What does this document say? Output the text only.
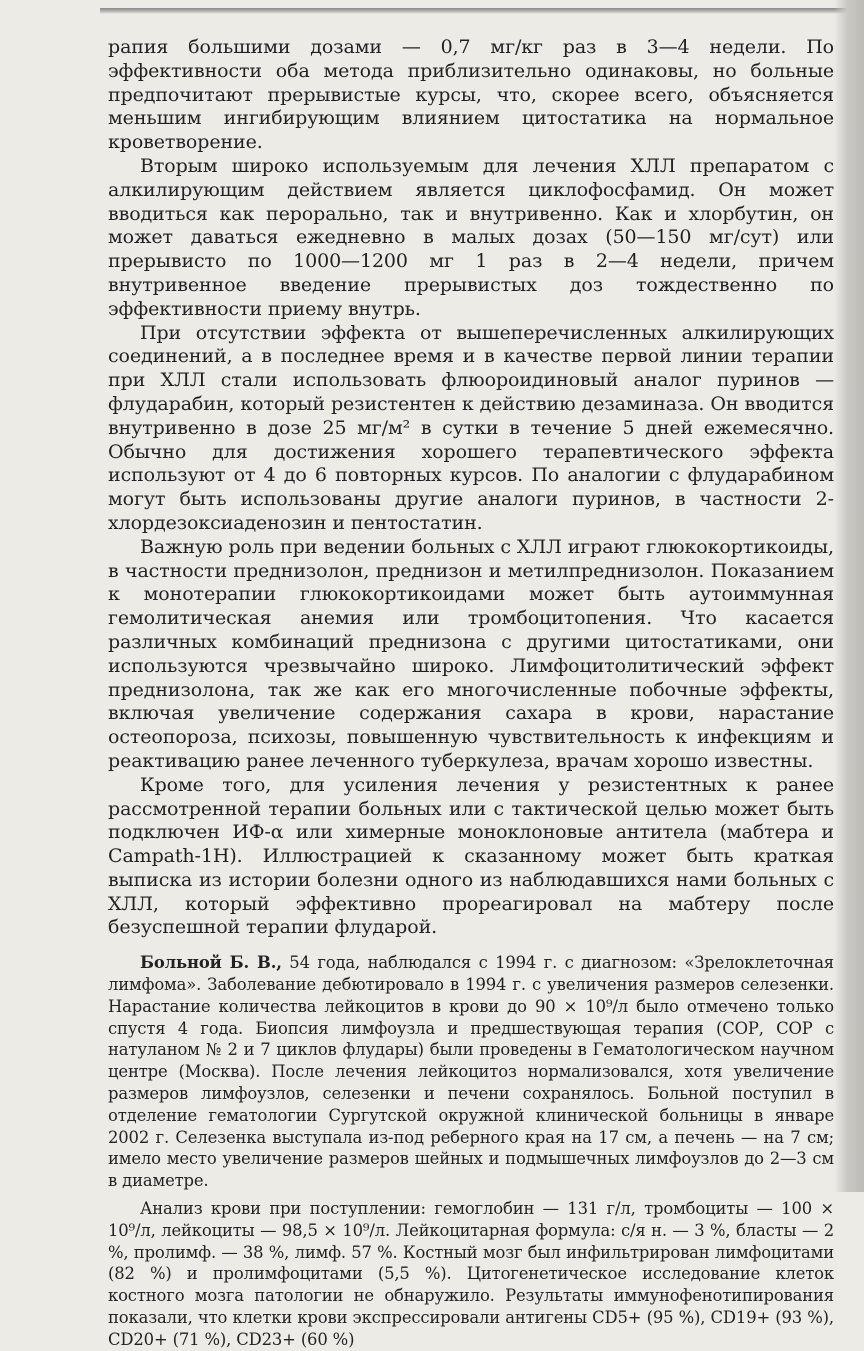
рапия большими дозами — 0,7 мг/кг раз в 3—4 недели. По эффективности оба метода приблизительно одинаковы, но больные предпочитают прерывистые курсы, что, скорее всего, объясняется меньшим ингибирующим влиянием цитостатика на нормальное кроветворение.

Вторым широко используемым для лечения ХЛЛ препаратом с алкилирующим действием является циклофосфамид. Он может вводиться как перорально, так и внутривенно. Как и хлорбутин, он может даваться ежедневно в малых дозах (50—150 мг/сут) или прерывисто по 1000—1200 мг 1 раз в 2—4 недели, причем внутривенное введение прерывистых доз тождественно по эффективности приему внутрь.

При отсутствии эффекта от вышеперечисленных алкилирующих соединений, а в последнее время и в качестве первой линии терапии при ХЛЛ стали использовать флюороидиновый аналог пуринов — флударабин, который резистентен к действию дезаминаза. Он вводится внутривенно в дозе 25 мг/м² в сутки в течение 5 дней ежемесячно. Обычно для достижения хорошего терапевтического эффекта используют от 4 до 6 повторных курсов. По аналогии с флударабином могут быть использованы другие аналоги пуринов, в частности 2-хлордезоксиаденозин и пентостатин.

Важную роль при ведении больных с ХЛЛ играют глюкокортикоиды, в частности преднизолон, преднизон и метилпреднизолон. Показанием к монотерапии глюкокортикоидами может быть аутоиммунная гемолитическая анемия или тромбоцитопения. Что касается различных комбинаций преднизона с другими цитостатиками, они используются чрезвычайно широко. Лимфоцитолитический эффект преднизолона, так же как его многочисленные побочные эффекты, включая увеличение содержания сахара в крови, нарастание остеопороза, психозы, повышенную чувствительность к инфекциям и реактивацию ранее леченного туберкулеза, врачам хорошо известны.

Кроме того, для усиления лечения у резистентных к ранее рассмотренной терапии больных или с тактической целью может быть подключен ИФ-α или химерные моноклоновые антитела (мабтера и Campath-1H). Иллюстрацией к сказанному может быть краткая выписка из истории болезни одного из наблюдавшихся нами больных с ХЛЛ, который эффективно прореагировал на мабтеру после безуспешной терапии флударой.

Больной Б. В., 54 года, наблюдался с 1994 г. с диагнозом: «Зрелоклеточная лимфома». Заболевание дебютировало в 1994 г. с увеличения размеров селезенки. Нарастание количества лейкоцитов в крови до 90 × 10⁹/л было отмечено только спустя 4 года. Биопсия лимфоузла и предшествующая терапия (СОР, СОР с натуланом № 2 и 7 циклов флудары) были проведены в Гематологическом научном центре (Москва). После лечения лейкоцитоз нормализовался, хотя увеличение размеров лимфоузлов, селезенки и печени сохранялось. Больной поступил в отделение гематологии Сургутской окружной клинической больницы в январе 2002 г. Селезенка выступала из-под реберного края на 17 см, а печень — на 7 см; имело место увеличение размеров шейных и подмышечных лимфоузлов до 2—3 см в диаметре.

Анализ крови при поступлении: гемоглобин — 131 г/л, тромбоциты — 100 × 10⁹/л, лейкоциты — 98,5 × 10⁹/л. Лейкоцитарная формула: с/я н. — 3 %, бласты — 2 %, пролимф. — 38 %, лимф. 57 %. Костный мозг был инфильтрирован лимфоцитами (82 %) и пролимфоцитами (5,5 %). Цитогенетическое исследование клеток костного мозга патологии не обнаружило. Результаты иммунофенотипирования показали, что клетки крови экспрессировали антигены CD5+ (95 %), CD19+ (93 %), CD20+ (71 %), CD23+ (60 %)
